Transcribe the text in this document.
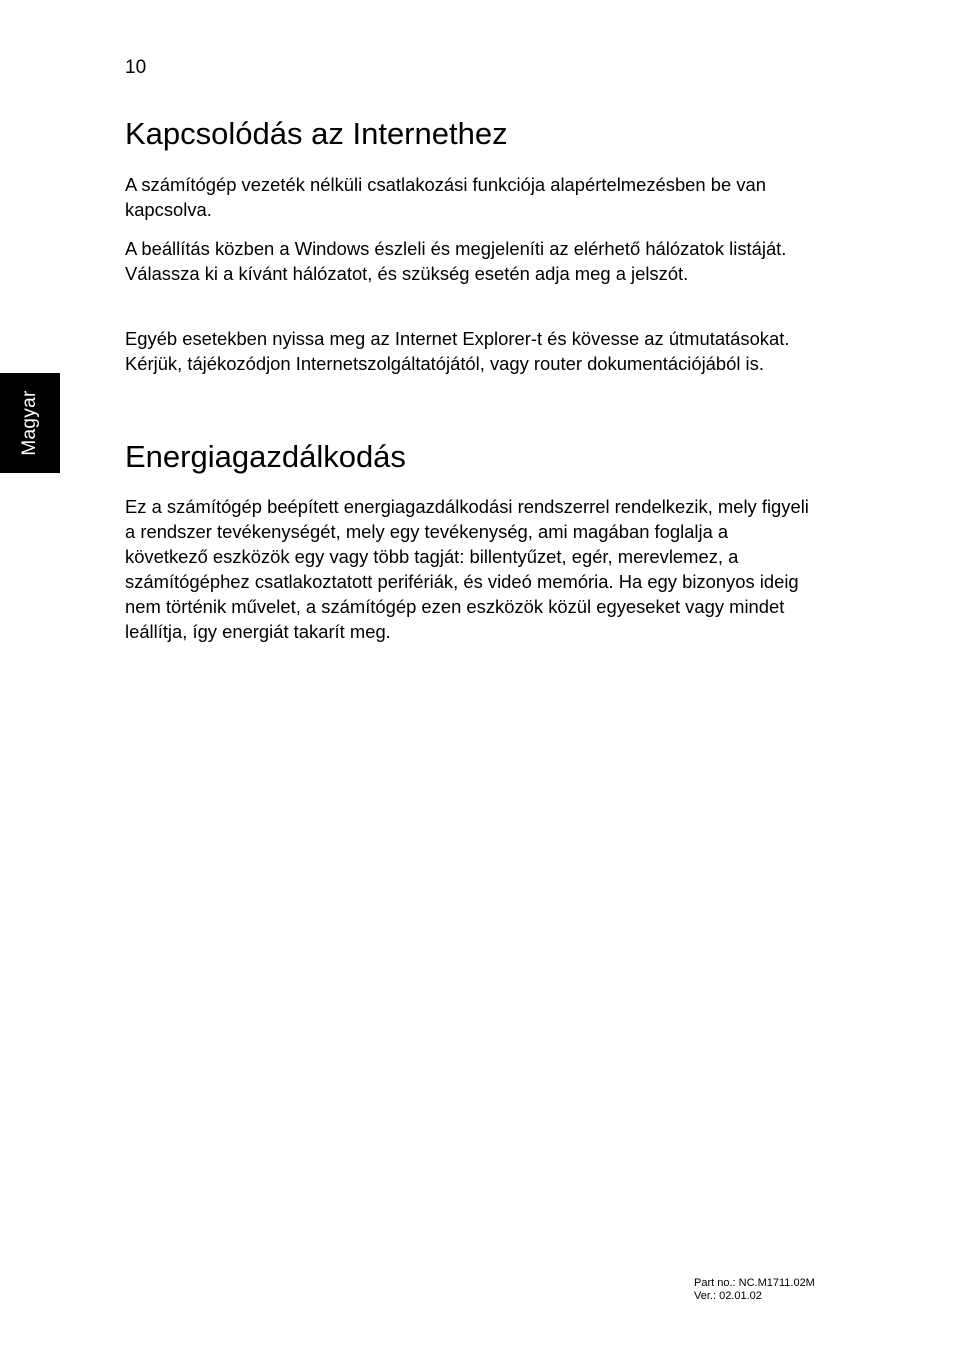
10
Magyar
Kapcsolódás az Internethez

A számítógép vezeték nélküli csatlakozási funkciója alapértelmezésben be van kapcsolva.

A beállítás közben a Windows észleli és megjeleníti az elérhető hálózatok listáját. Válassza ki a kívánt hálózatot, és szükség esetén adja meg a jelszót.

Egyéb esetekben nyissa meg az Internet Explorer-t és kövesse az útmutatásokat. Kérjük, tájékozódjon Internetszolgáltatójától, vagy router dokumentációjából is.

Energiagazdálkodás

Ez a számítógép beépített energiagazdálkodási rendszerrel rendelkezik, mely figyeli a rendszer tevékenységét, mely egy tevékenység, ami magában foglalja a következő eszközök egy vagy több tagját: billentyűzet, egér, merevlemez, a számítógéphez csatlakoztatott perifériák, és videó memória. Ha egy bizonyos ideig nem történik művelet, a számítógép ezen eszközök közül egyeseket vagy mindet leállítja, így energiát takarít meg.

Part no.: NC.M1711.02M
Ver.: 02.01.02
